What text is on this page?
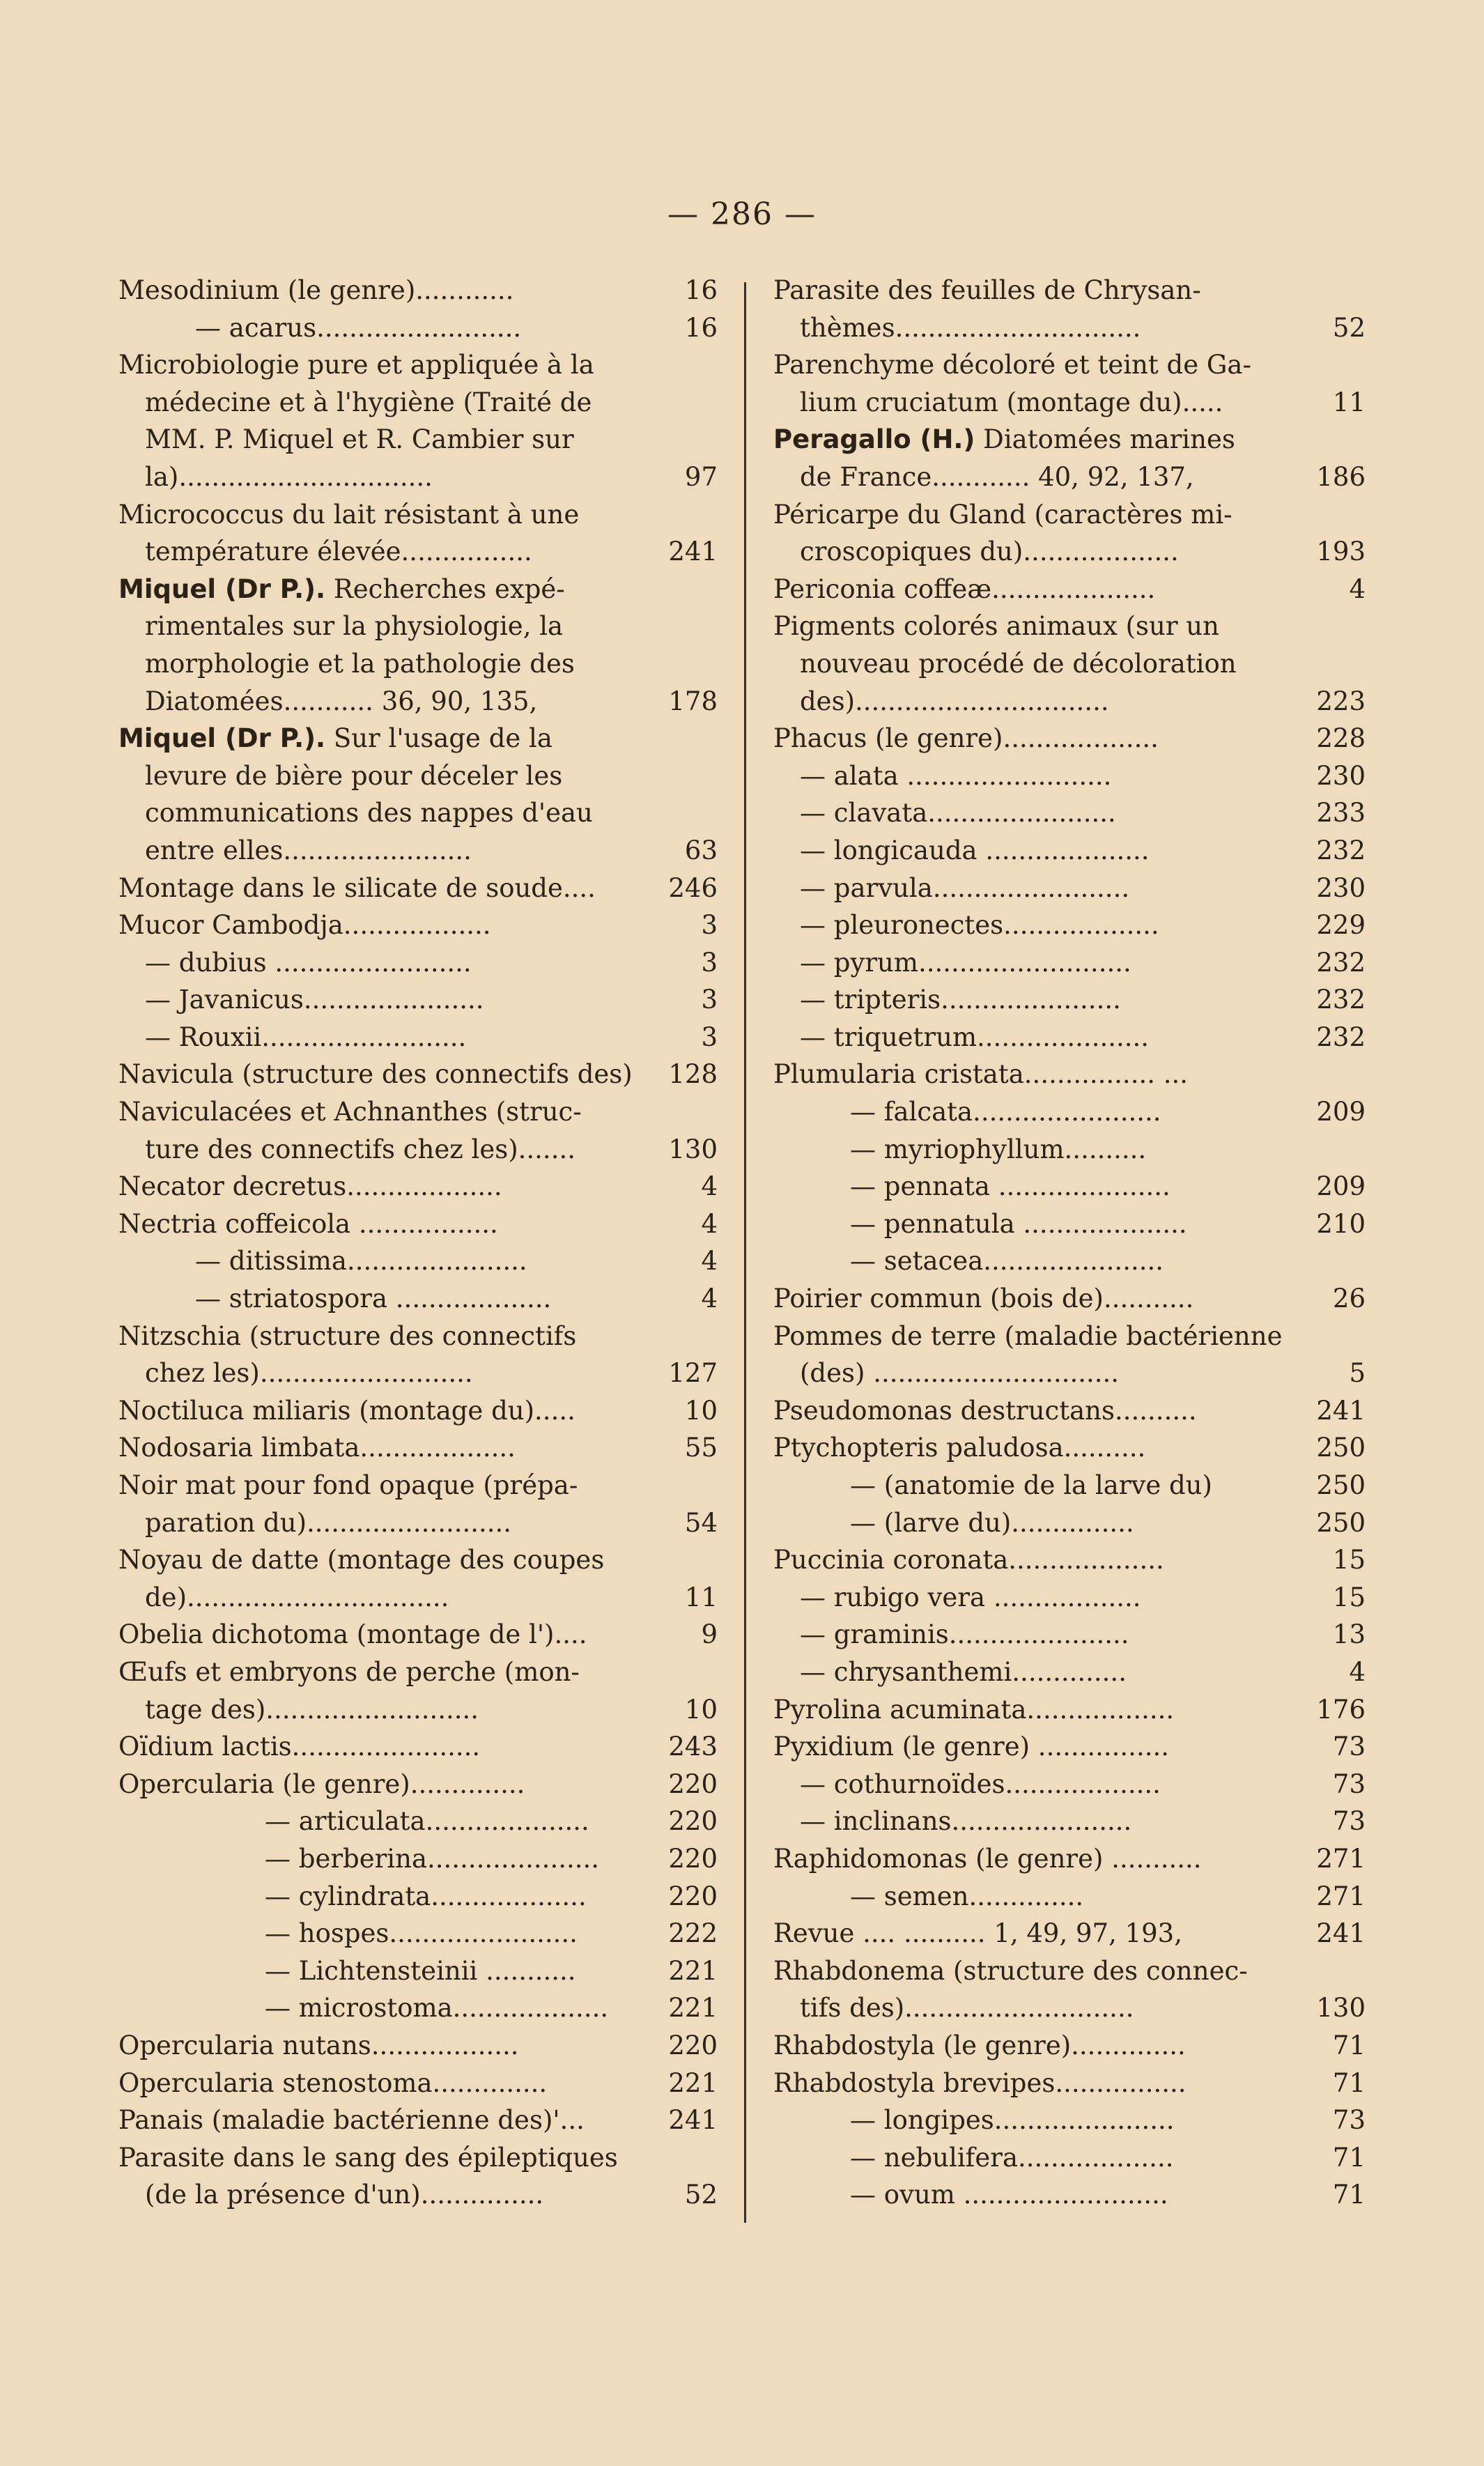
— 286 —
Mesodinium (le genre)............	16
— acarus.........................	16
Microbiologie pure et appliquée à la
médecine et à l'hygiène (Traité de
MM. P. Miquel et R. Cambier sur
la)...............................	97
Micrococcus du lait résistant à une
température élevée................	241
Miquel (Dr P.). Recherches expé-
rimentales sur la physiologie, la
morphologie et la pathologie des
Diatomées........... 36, 90, 135,	178
Miquel (Dr P.). Sur l'usage de la
levure de bière pour déceler les
communications des nappes d'eau
entre elles.......................	63
Montage dans le silicate de soude....	246
Mucor Cambodja..................	3
— dubius ........................	3
— Javanicus......................	3
— Rouxii.........................	3
Navicula (structure des connectifs des) 128
Naviculacées et Achnanthes (struc-
ture des connectifs chez les).......	130
Necator decretus...................	4
Nectria coffeicola .................	4
— ditissima......................	4
— striatospora ...................	4
Nitzschia (structure des connectifs
chez les)..........................	127
Noctiluca miliaris (montage du).....	10
Nodosaria limbata...................	55
Noir mat pour fond opaque (prépa-
paration du).........................	54
Noyau de datte (montage des coupes
de)................................	11
Obelia dichotoma (montage de l')....	9
Œufs et embryons de perche (mon-
tage des)..........................	10
Oïdium lactis.......................	243
Opercularia (le genre)..............	220
— articulata....................	220
— berberina.....................	220
— cylindrata...................	220
— hospes.......................	222
— Lichtensteinii ...........	221
— microstoma................... 221
Opercularia nutans..................	220
Opercularia stenostoma..............	221
Panais (maladie bactérienne des)'...	241
Parasite dans le sang des épileptiques
(de la présence d'un)...............	52
Parasite des feuilles de Chrysan-
thèmes..............................	52
Parenchyme décoloré et teint de Ga-
lium cruciatum (montage du).....	11
Peragallo (H.) Diatomées marines
de France............ 40, 92, 137,	186
Péricarpe du Gland (caractères mi-
croscopiques du)...................	193
Periconia coffeæ....................	4
Pigments colorés animaux (sur un
nouveau procédé de décoloration
des)...............................	223
Phacus (le genre)...................	228
— alata .........................	230
— clavata.......................	233
— longicauda ....................	232
— parvula........................	230
— pleuronectes...................	229
— pyrum..........................	232
— tripteris......................	232
— triquetrum.....................	232
Plumularia cristata................ ...
— falcata.......................	209
— myriophyllum..........
— pennata .....................	209
— pennatula ....................	210
— setacea......................
Poirier commun (bois de)...........	26
Pommes de terre (maladie bactérienne
(des) ..............................	5
Pseudomonas destructans..........	241
Ptychopteris paludosa..........	250
— (anatomie de la larve du)	250
— (larve du)...............	250
Puccinia coronata...................	15
— rubigo vera ..................	15
— graminis......................	13
— chrysanthemi..............	4
Pyrolina acuminata..................	176
Pyxidium (le genre) ................	73
— cothurnoïdes...................	73
— inclinans......................	73
Raphidomonas (le genre) ...........	271
— semen..............	271
Revue .... .......... 1, 49, 97, 193,	241
Rhabdonema (structure des connec-
tifs des)............................	130
Rhabdostyla (le genre)..............	71
Rhabdostyla brevipes................	71
— longipes......................	73
— nebulifera...................	71
— ovum .........................	71
